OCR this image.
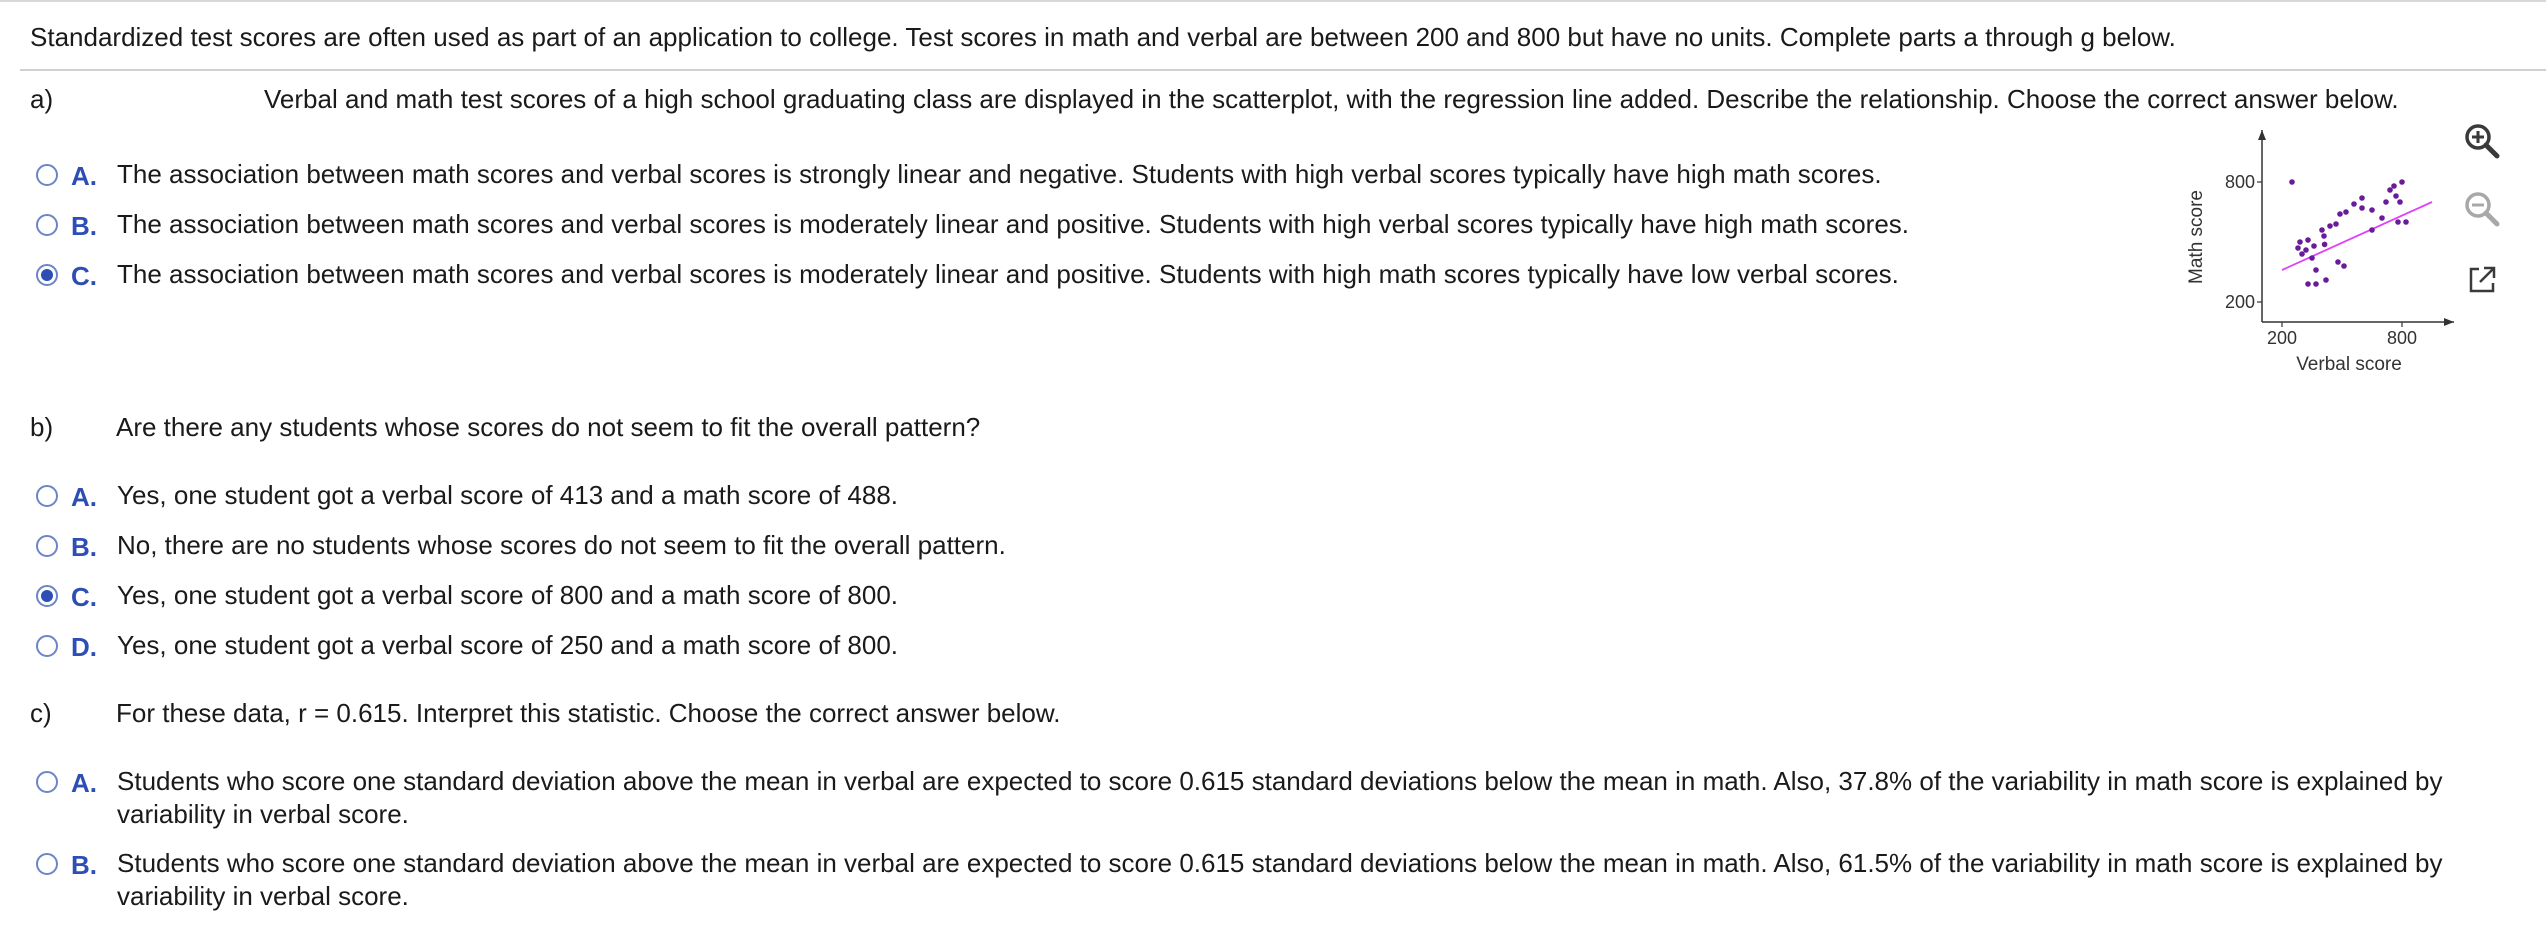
Standardized test scores are often used as part of an application to college. Test scores in math and verbal are between 200 and 800 but have no units. Complete parts a through g below.
a)	Verbal and math test scores of a high school graduating class are displayed in the scatterplot, with the regression line added. Describe the relationship. Choose the correct answer below.
A. The association between math scores and verbal scores is strongly linear and negative. Students with high verbal scores typically have high math scores.
B. The association between math scores and verbal scores is moderately linear and positive. Students with high verbal scores typically have high math scores.
C. The association between math scores and verbal scores is moderately linear and positive. Students with high math scores typically have low verbal scores.
200	800
200
800
Verbal score
Math score
b) Are there any students whose scores do not seem to fit the overall pattern?
A. Yes, one student got a verbal score of 413 and a math score of 488.
B. No, there are no students whose scores do not seem to fit the overall pattern.
C. Yes, one student got a verbal score of 800 and a math score of 800.
D. Yes, one student got a verbal score of 250 and a math score of 800.
c) For these data, r = 0.615. Interpret this statistic. Choose the correct answer below.
A. Students who score one standard deviation above the mean in verbal are expected to score 0.615 standard deviations below the mean in math. Also, 37.8% of the variability in math score is explained by variability in verbal score.
B. Students who score one standard deviation above the mean in verbal are expected to score 0.615 standard deviations below the mean in math. Also, 61.5% of the variability in math score is explained by variability in verbal score.
